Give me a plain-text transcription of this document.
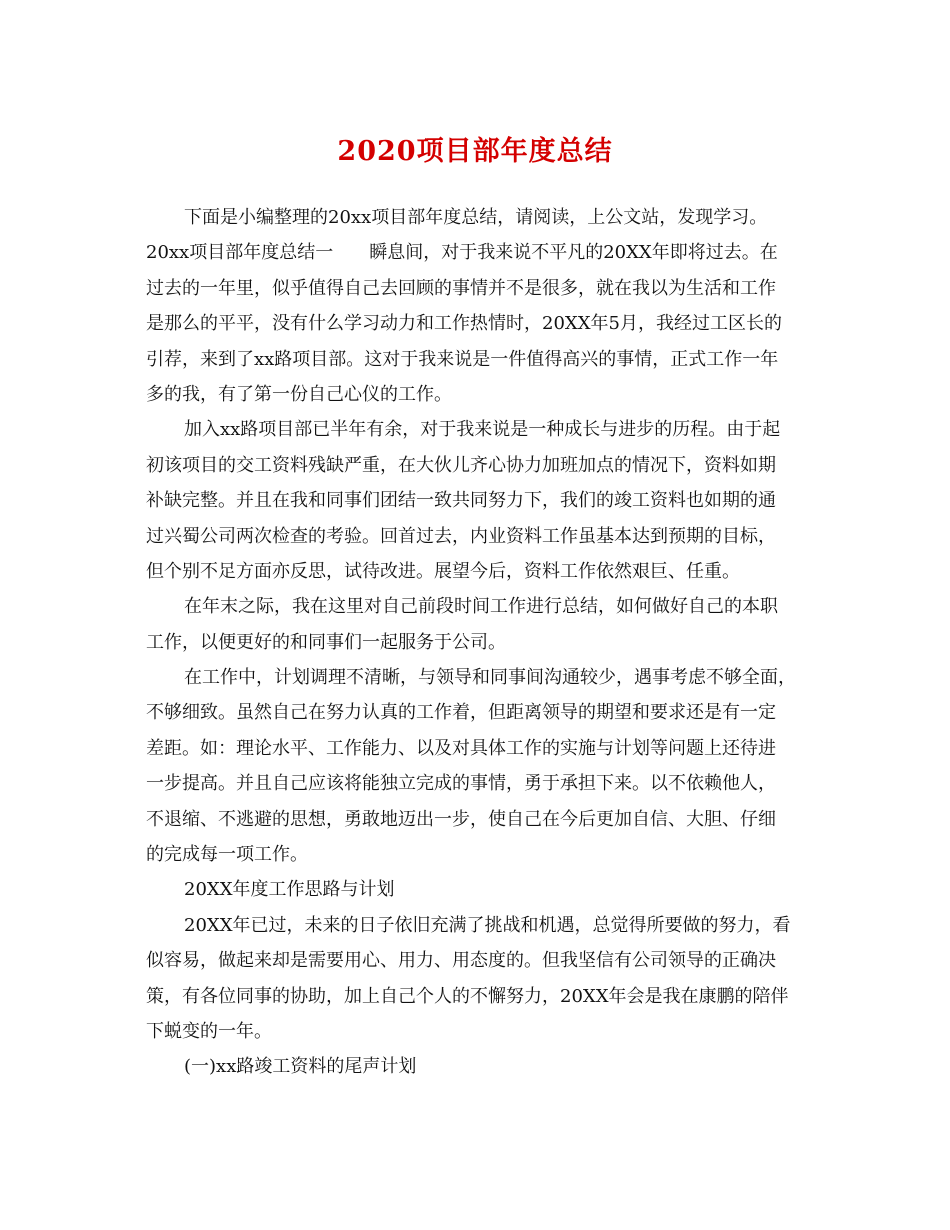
2020项目部年度总结
下面是小编整理的20xx项目部年度总结，请阅读，上公文站，发现学习。
20xx项目部年度总结一　　瞬息间，对于我来说不平凡的20XX年即将过去。在
过去的一年里，似乎值得自己去回顾的事情并不是很多，就在我以为生活和工作
是那么的平平，没有什么学习动力和工作热情时，20XX年5月，我经过工区长的
引荐，来到了xx路项目部。这对于我来说是一件值得高兴的事情，正式工作一年
多的我，有了第一份自己心仪的工作。
加入xx路项目部已半年有余，对于我来说是一种成长与进步的历程。由于起
初该项目的交工资料残缺严重，在大伙儿齐心协力加班加点的情况下，资料如期
补缺完整。并且在我和同事们团结一致共同努力下，我们的竣工资料也如期的通
过兴蜀公司两次检查的考验。回首过去，内业资料工作虽基本达到预期的目标，
但个别不足方面亦反思，试待改进。展望今后，资料工作依然艰巨、任重。
在年末之际，我在这里对自己前段时间工作进行总结，如何做好自己的本职
工作，以便更好的和同事们一起服务于公司。
在工作中，计划调理不清晰，与领导和同事间沟通较少，遇事考虑不够全面，
不够细致。虽然自己在努力认真的工作着，但距离领导的期望和要求还是有一定
差距。如：理论水平、工作能力、以及对具体工作的实施与计划等问题上还待进
一步提高。并且自己应该将能独立完成的事情，勇于承担下来。以不依赖他人，
不退缩、不逃避的思想，勇敢地迈出一步，使自己在今后更加自信、大胆、仔细
的完成每一项工作。
20XX年度工作思路与计划
20XX年已过，未来的日子依旧充满了挑战和机遇，总觉得所要做的努力，看
似容易，做起来却是需要用心、用力、用态度的。但我坚信有公司领导的正确决
策，有各位同事的协助，加上自己个人的不懈努力，20XX年会是我在康鹏的陪伴
下蜕变的一年。
(一)xx路竣工资料的尾声计划
